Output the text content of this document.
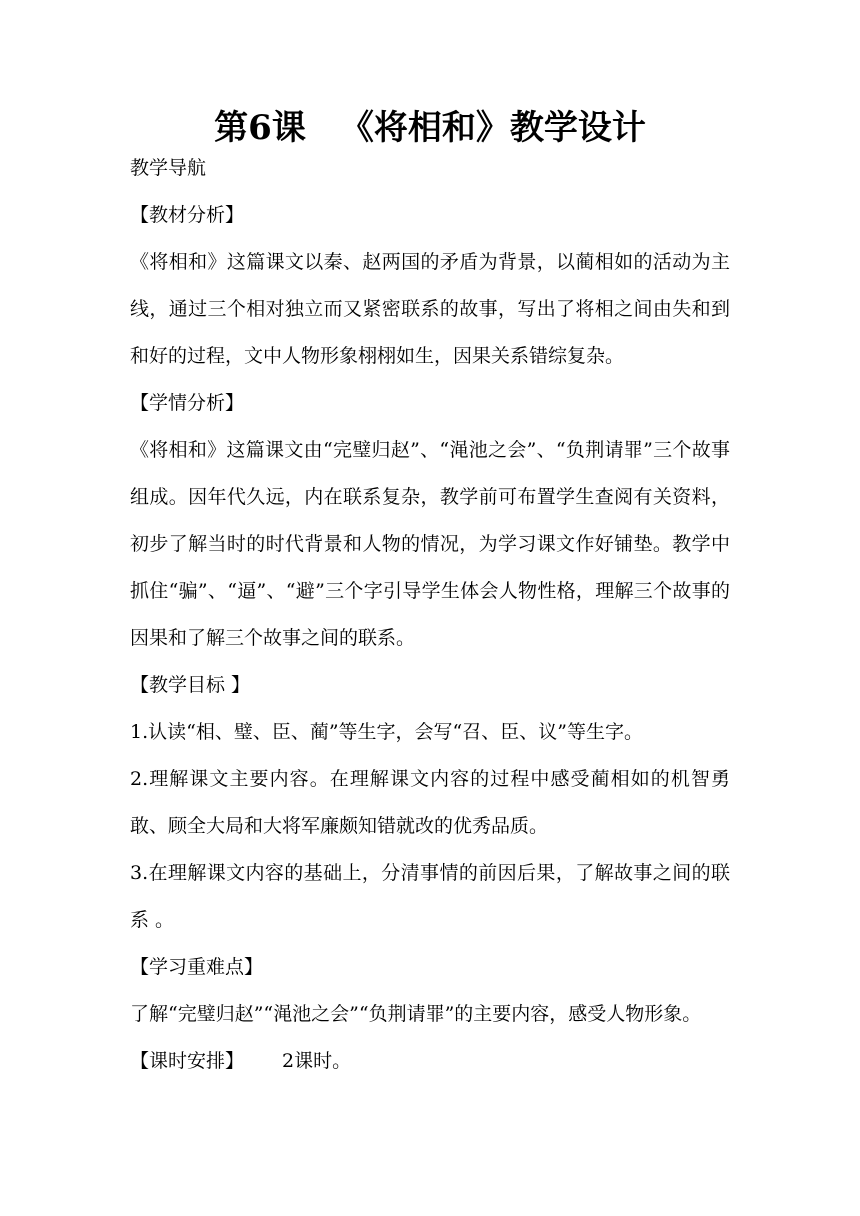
第6课 《将相和》教学设计

教学导航

【教材分析】

《将相和》这篇课文以秦、赵两国的矛盾为背景，以蔺相如的活动为主线，通过三个相对独立而又紧密联系的故事，写出了将相之间由失和到和好的过程，文中人物形象栩栩如生，因果关系错综复杂。

【学情分析】

《将相和》这篇课文由“完璧归赵”、“渑池之会”、“负荆请罪”三个故事组成。因年代久远，内在联系复杂，教学前可布置学生查阅有关资料，初步了解当时的时代背景和人物的情况，为学习课文作好铺垫。教学中抓住“骗”、“逼”、“避”三个字引导学生体会人物性格，理解三个故事的因果和了解三个故事之间的联系。

【教学目标 】

1.认读“相、璧、臣、蔺”等生字，会写“召、臣、议”等生字。

2.理解课文主要内容。在理解课文内容的过程中感受蔺相如的机智勇敢、顾全大局和大将军廉颇知错就改的优秀品质。

3.在理解课文内容的基础上，分清事情的前因后果，了解故事之间的联系 。

【学习重难点】

了解“完璧归赵”“渑池之会”“负荆请罪”的主要内容，感受人物形象。

【课时安排】 2课时。
